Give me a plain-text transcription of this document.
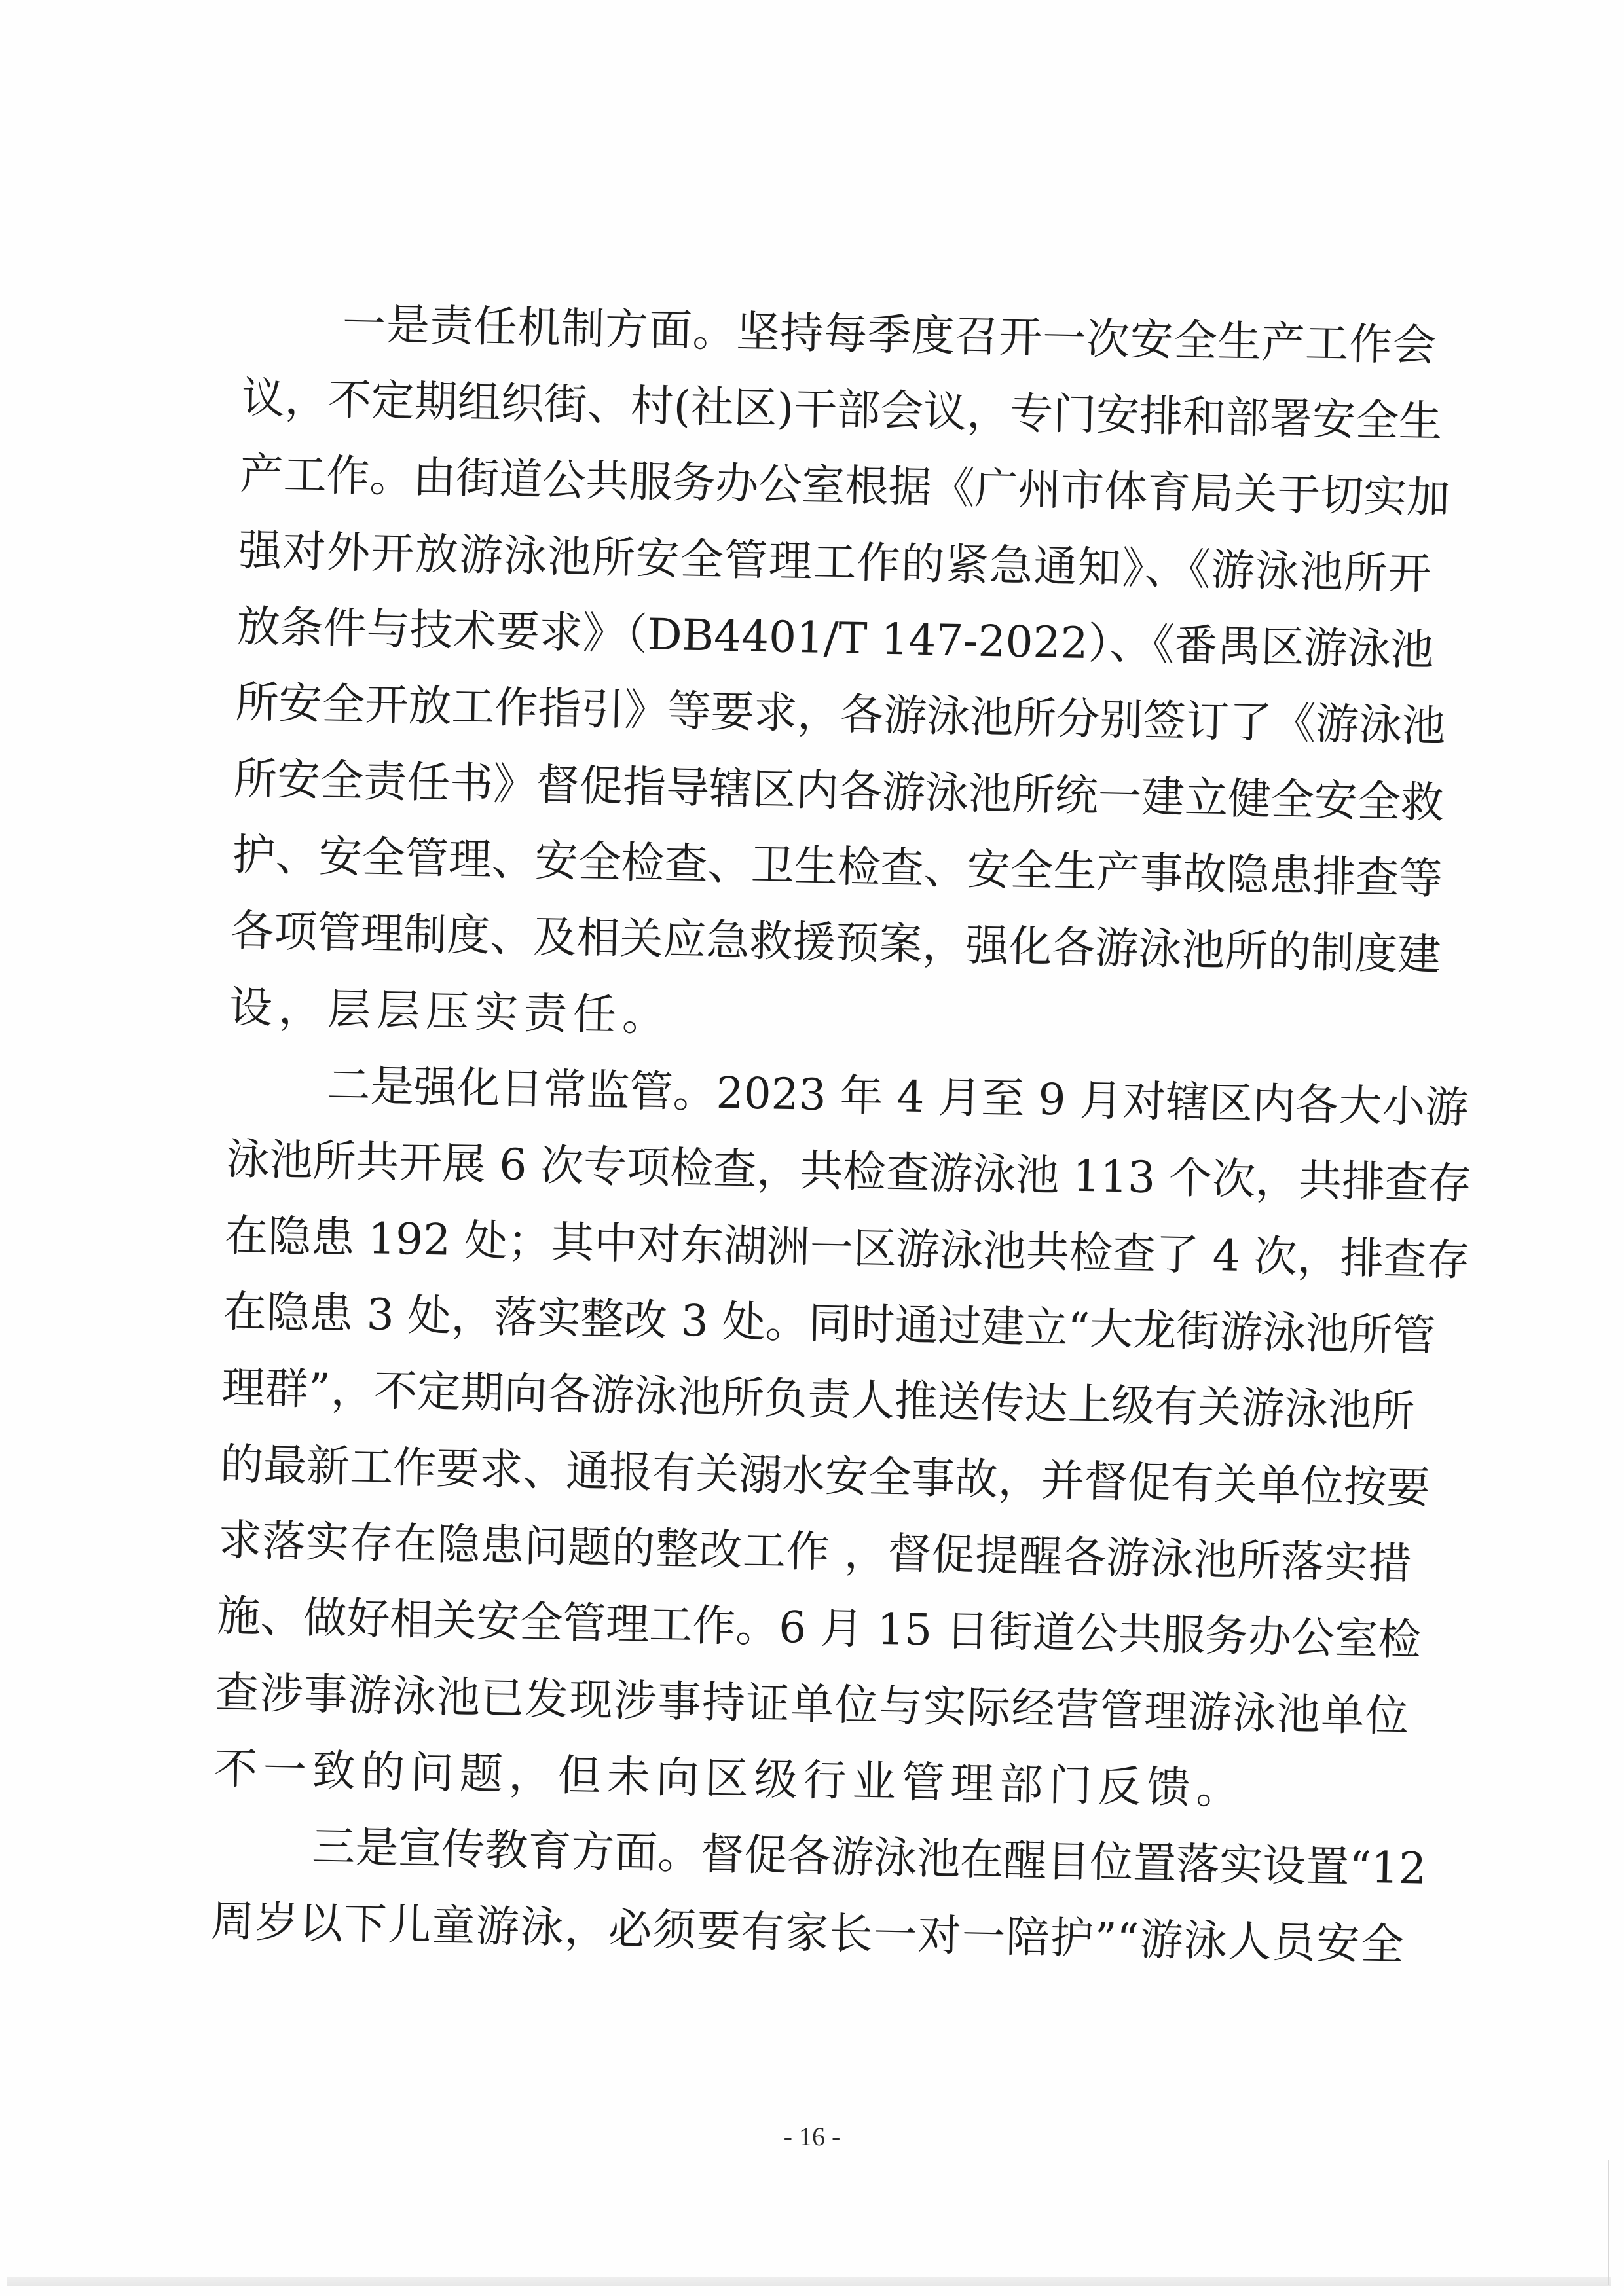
一是责任机制方面。坚持每季度召开一次安全生产工作会
议，不定期组织街、村(社区)干部会议，专门安排和部署安全生
产工作。由街道公共服务办公室根据《广州市体育局关于切实加
强对外开放游泳池所安全管理工作的紧急通知》、《游泳池所开
放条件与技术要求》（DB4401/T 147-2022）、《番禺区游泳池
所安全开放工作指引》等要求，各游泳池所分别签订了《游泳池
所安全责任书》督促指导辖区内各游泳池所统一建立健全安全救
护、安全管理、安全检查、卫生检查、安全生产事故隐患排查等
各项管理制度、及相关应急救援预案，强化各游泳池所的制度建
设，层层压实责任。
二是强化日常监管。2023 年 4 月至 9 月对辖区内各大小游
泳池所共开展 6 次专项检查，共检查游泳池 113 个次，共排查存
在隐患 192 处；其中对东湖洲一区游泳池共检查了 4 次，排查存
在隐患 3 处，落实整改 3 处。同时通过建立“大龙街游泳池所管
理群”，不定期向各游泳池所负责人推送传达上级有关游泳池所
的最新工作要求、通报有关溺水安全事故，并督促有关单位按要
求落实存在隐患问题的整改工作 ，督促提醒各游泳池所落实措
施、做好相关安全管理工作。6 月 15 日街道公共服务办公室检
查涉事游泳池已发现涉事持证单位与实际经营管理游泳池单位
不一致的问题，但未向区级行业管理部门反馈。
三是宣传教育方面。督促各游泳池在醒目位置落实设置“12
周岁以下儿童游泳，必须要有家长一对一陪护”“游泳人员安全
- 16 -
